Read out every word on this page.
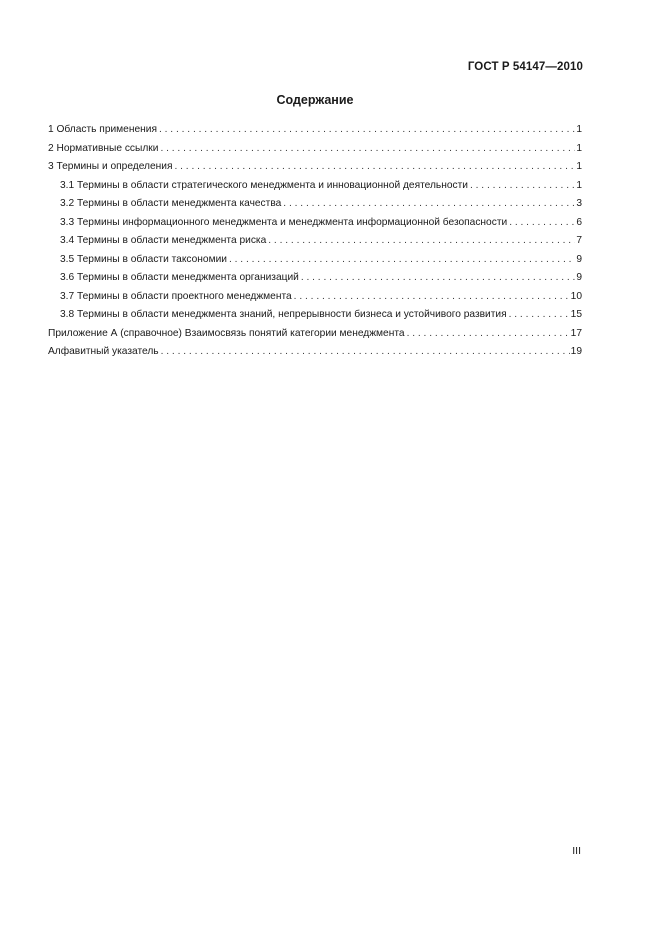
ГОСТ Р 54147—2010
Содержание
1 Область применения . . .	1
2 Нормативные ссылки . . .	1
3 Термины и определения . . .	1
3.1 Термины в области стратегического менеджмента и инновационной деятельности . . .	1
3.2 Термины в области менеджмента качества . . .	3
3.3 Термины информационного менеджмента и менеджмента информационной безопасности . . .	6
3.4 Термины в области менеджмента риска . . .	7
3.5 Термины в области таксономии . . .	9
3.6 Термины в области менеджмента организаций . . .	9
3.7 Термины в области проектного менеджмента . . .	10
3.8 Термины в области менеджмента знаний, непрерывности бизнеса и устойчивого развития . . .	15
Приложение А (справочное) Взаимосвязь понятий категории менеджмента . . .	17
Алфавитный указатель . . .	19
III
